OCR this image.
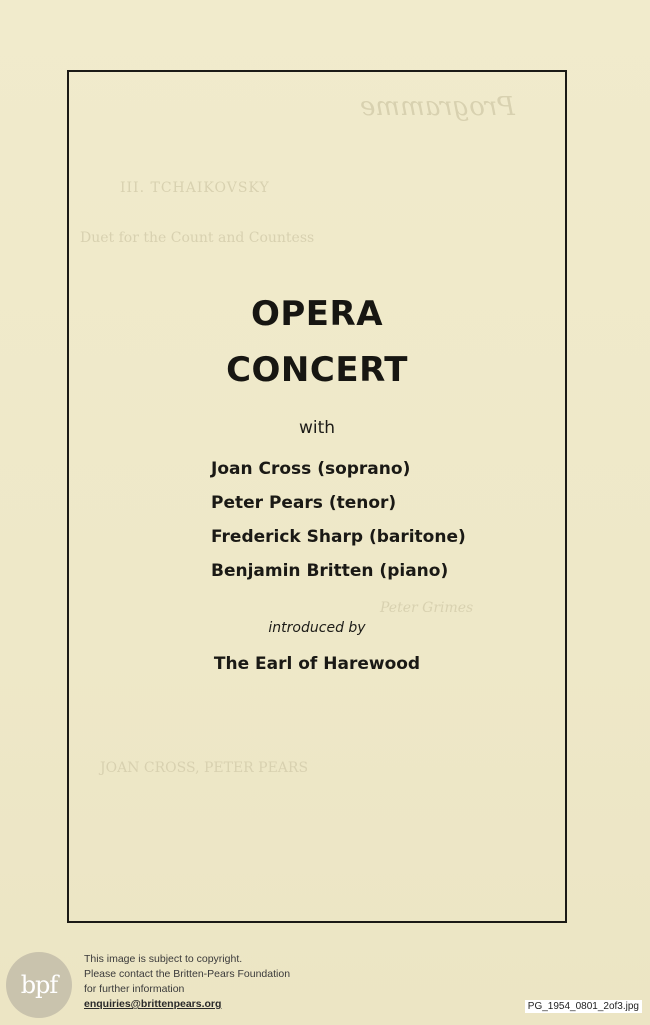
Programme
III. TCHAIKOVSKY
Duet for the Count and Countess
Peter Grimes
JOAN CROSS, PETER PEARS
OPERA
CONCERT
with
Joan Cross (soprano)
Peter Pears (tenor)
Frederick Sharp (baritone)
Benjamin Britten (piano)
introduced by
The Earl of Harewood
bpf
This image is subject to copyright.
Please contact the Britten-Pears Foundation
for further information
enquiries@brittenpears.org	PG_1954_0801_2of3.jpg
